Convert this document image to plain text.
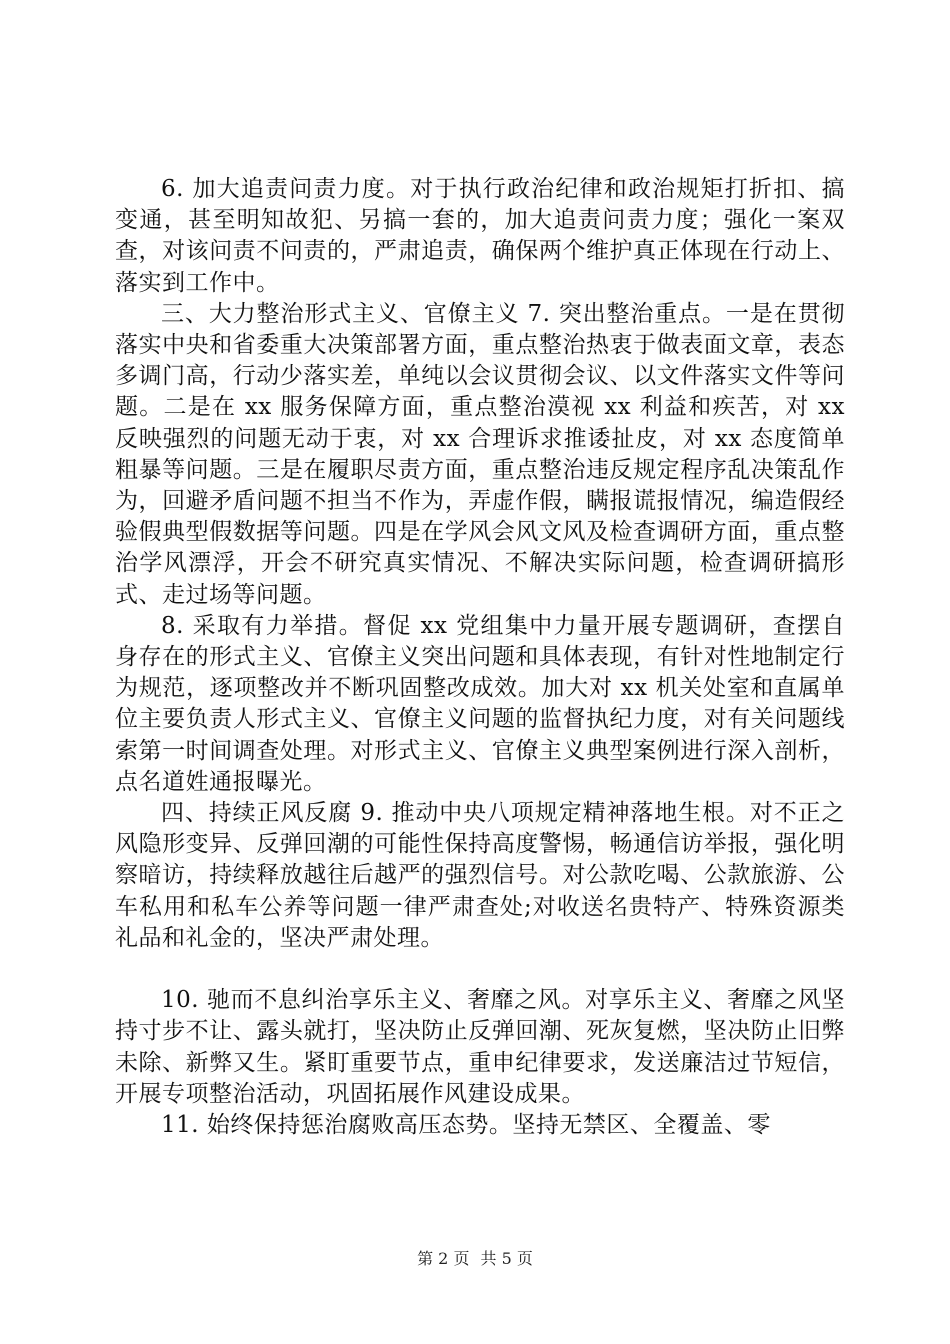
6. 加大追责问责力度。对于执行政治纪律和政治规矩打折扣、搞变通，甚至明知故犯、另搞一套的，加大追责问责力度；强化一案双查，对该问责不问责的，严肃追责，确保两个维护真正体现在行动上、落实到工作中。

三、大力整治形式主义、官僚主义 7. 突出整治重点。一是在贯彻落实中央和省委重大决策部署方面，重点整治热衷于做表面文章，表态多调门高，行动少落实差，单纯以会议贯彻会议、以文件落实文件等问题。二是在 xx 服务保障方面，重点整治漠视 xx 利益和疾苦，对 xx 反映强烈的问题无动于衷，对 xx 合理诉求推诿扯皮，对 xx 态度简单粗暴等问题。三是在履职尽责方面，重点整治违反规定程序乱决策乱作为，回避矛盾问题不担当不作为，弄虚作假，瞒报谎报情况，编造假经验假典型假数据等问题。四是在学风会风文风及检查调研方面，重点整治学风漂浮，开会不研究真实情况、不解决实际问题，检查调研搞形式、走过场等问题。

8. 采取有力举措。督促 xx 党组集中力量开展专题调研，查摆自身存在的形式主义、官僚主义突出问题和具体表现，有针对性地制定行为规范，逐项整改并不断巩固整改成效。加大对 xx 机关处室和直属单位主要负责人形式主义、官僚主义问题的监督执纪力度，对有关问题线索第一时间调查处理。对形式主义、官僚主义典型案例进行深入剖析，点名道姓通报曝光。

四、持续正风反腐 9. 推动中央八项规定精神落地生根。对不正之风隐形变异、反弹回潮的可能性保持高度警惕，畅通信访举报，强化明察暗访，持续释放越往后越严的强烈信号。对公款吃喝、公款旅游、公车私用和私车公养等问题一律严肃查处;对收送名贵特产、特殊资源类礼品和礼金的，坚决严肃处理。

10. 驰而不息纠治享乐主义、奢靡之风。对享乐主义、奢靡之风坚持寸步不让、露头就打，坚决防止反弹回潮、死灰复燃，坚决防止旧弊未除、新弊又生。紧盯重要节点，重申纪律要求，发送廉洁过节短信，开展专项整治活动，巩固拓展作风建设成果。

11. 始终保持惩治腐败高压态势。坚持无禁区、全覆盖、零

第 2 页 共 5 页
